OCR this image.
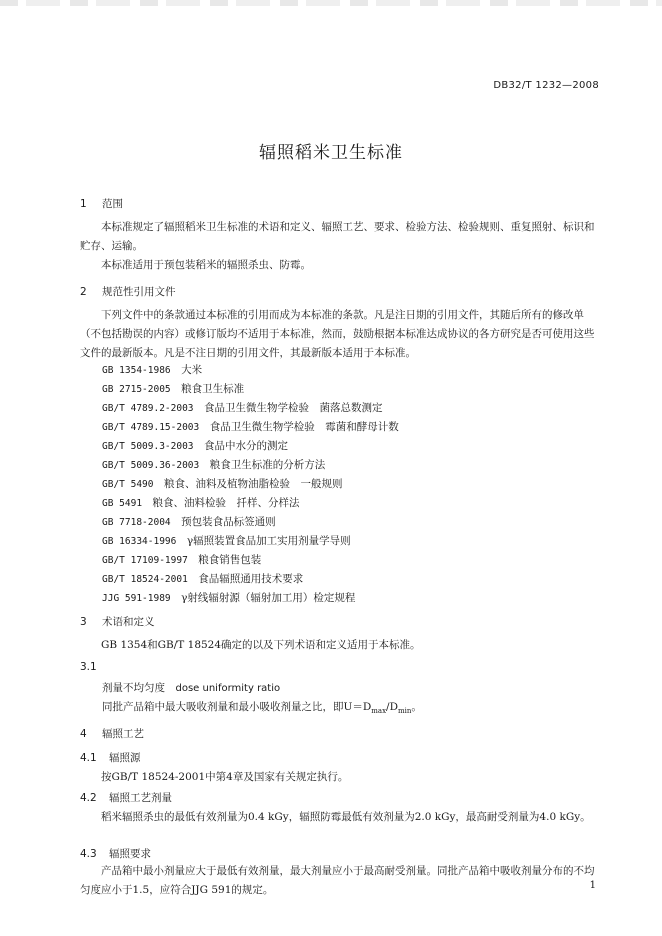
DB32/T 1232—2008
辐照稻米卫生标准
1 范围
本标准规定了辐照稻米卫生标准的术语和定义、辐照工艺、要求、检验方法、检验规则、重复照射、标识和贮存、运输。
本标准适用于预包装稻米的辐照杀虫、防霉。
2 规范性引用文件
下列文件中的条款通过本标准的引用而成为本标准的条款。凡是注日期的引用文件，其随后所有的修改单（不包括勘误的内容）或修订版均不适用于本标准，然而，鼓励根据本标准达成协议的各方研究是否可使用这些文件的最新版本。凡是不注日期的引用文件，其最新版本适用于本标准。
GB 1354-1986　 大米
GB 2715-2005　 粮食卫生标准
GB/T 4789.2-2003　 食品卫生微生物学检验　菌落总数测定
GB/T 4789.15-2003　 食品卫生微生物学检验　霉菌和酵母计数
GB/T 5009.3-2003　 食品中水分的测定
GB/T 5009.36-2003　 粮食卫生标准的分析方法
GB/T 5490　 粮食、油料及植物油脂检验　一般规则
GB 5491　 粮食、油料检验　扦样、分样法
GB 7718-2004　 预包装食品标签通则
GB 16334-1996　 γ辐照装置食品加工实用剂量学导则
GB/T 17109-1997　 粮食销售包装
GB/T 18524-2001　 食品辐照通用技术要求
JJG 591-1989　 γ射线辐射源（辐射加工用）检定规程
3 术语和定义
GB 1354和GB/T 18524确定的以及下列术语和定义适用于本标准。
3.1
剂量不均匀度　 dose uniformity ratio
同批产品箱中最大吸收剂量和最小吸收剂量之比，即$U=D_{max}/D_{min}$。
4 辐照工艺
4.1 辐照源
按GB/T 18524-2001中第4章及国家有关规定执行。
4.2 辐照工艺剂量
稻米辐照杀虫的最低有效剂量为0.4 kGy，辐照防霉最低有效剂量为2.0 kGy，最高耐受剂量为4.0 kGy。
4.3 辐照要求
产品箱中最小剂量应大于最低有效剂量，最大剂量应小于最高耐受剂量。同批产品箱中吸收剂量分布的不均匀度应小于1.5，应符合JJG 591的规定。	1
